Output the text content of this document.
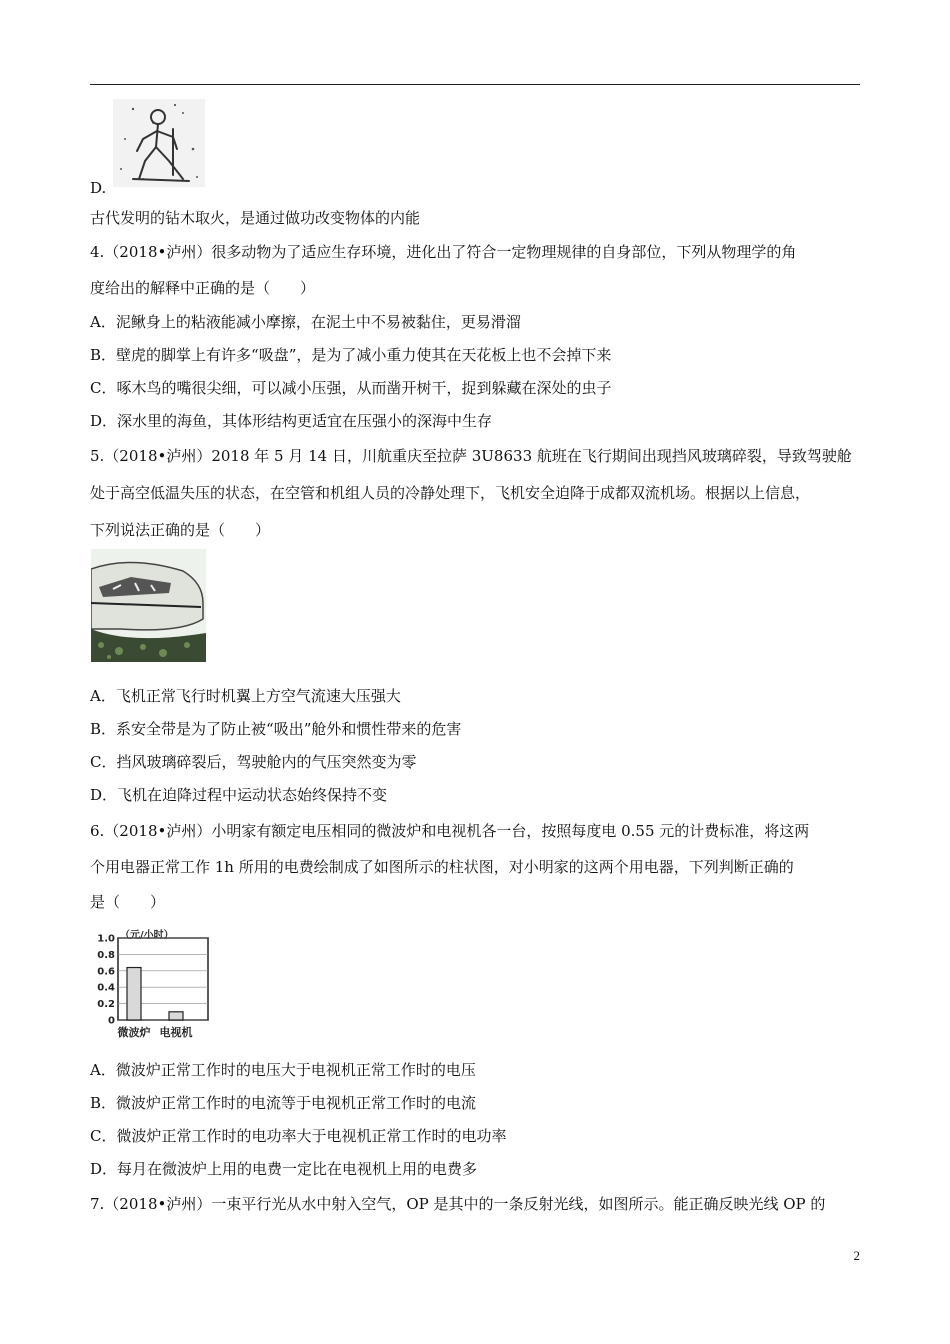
D.
古代发明的钻木取火，是通过做功改变物体的内能
4.（2018•泸州）很多动物为了适应生存环境，进化出了符合一定物理规律的自身部位，下列从物理学的角
度给出的解释中正确的是（　　）
A．泥鳅身上的粘液能减小摩擦，在泥土中不易被黏住，更易滑溜
B．壁虎的脚掌上有许多“吸盘”，是为了减小重力使其在天花板上也不会掉下来
C．啄木鸟的嘴很尖细，可以减小压强，从而凿开树干，捉到躲藏在深处的虫子
D．深水里的海鱼，其体形结构更适宜在压强小的深海中生存
5.（2018•泸州）2018 年 5 月 14 日，川航重庆至拉萨 3U8633 航班在飞行期间出现挡风玻璃碎裂，导致驾驶舱
处于高空低温失压的状态，在空管和机组人员的冷静处理下，飞机安全迫降于成都双流机场。根据以上信息，
下列说法正确的是（　　）
A．飞机正常飞行时机翼上方空气流速大压强大
B．系安全带是为了防止被“吸出”舱外和惯性带来的危害
C．挡风玻璃碎裂后，驾驶舱内的气压突然变为零
D．飞机在迫降过程中运动状态始终保持不变
6.（2018•泸州）小明家有额定电压相同的微波炉和电视机各一台，按照每度电 0.55 元的计费标准，将这两
个用电器正常工作 1h 所用的电费绘制成了如图所示的柱状图，对小明家的这两个用电器，下列判断正确的
是（　　）
（元/小时）
1.0
0.8
0.6
0.4
0.2
0
微波炉 电视机
A．微波炉正常工作时的电压大于电视机正常工作时的电压
B．微波炉正常工作时的电流等于电视机正常工作时的电流
C．微波炉正常工作时的电功率大于电视机正常工作时的电功率
D．每月在微波炉上用的电费一定比在电视机上用的电费多
7.（2018•泸州）一束平行光从水中射入空气，OP 是其中的一条反射光线，如图所示。能正确反映光线 OP 的
2
